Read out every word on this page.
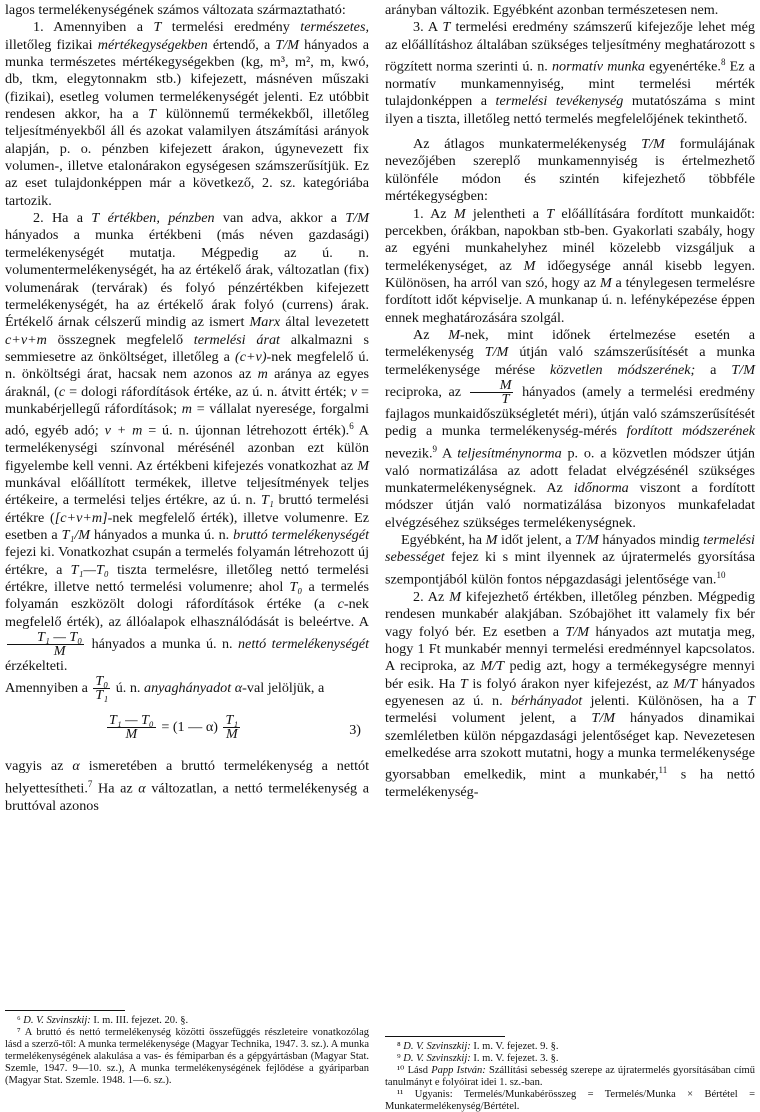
lagos termelékenységének számos változata származtatható:

1. Amennyiben a T termelési eredmény természetes, illetőleg fizikai mértékegységekben értendő, a T/M hányados a munka természetes mértékegységekben (kg, m³, m², m, kwó, db, tkm, elegytonnakm stb.) kifejezett, másnéven műszaki (fizikai), esetleg volumen termelékenységét jelenti. Ez utóbbit rendesen akkor, ha a T különnemű termékekből, illetőleg teljesítményekből áll és azokat valamilyen átszámítási arányok alapján, p. o. pénzben kifejezett árakon, úgynevezett fix volumen-, illetve etalonárakon egységesen számszerűsítjük. Ez az eset tulajdonképpen már a következő, 2. sz. kategóriába tartozik.

2. Ha a T értékben, pénzben van adva, akkor a T/M hányados a munka értékbeni (más néven gazdasági) termelékenységét mutatja. Mégpedig az ú. n. volumentermelékenységét, ha az értékelő árak, változatlan (fix) volumenárak (tervárak) és folyó pénzértékben kifejezett termelékenységét, ha az értékelő árak folyó (currens) árak. Értékelő árnak célszerű mindig az ismert Marx által levezetett c+v+m összegnek megfelelő termelési árat alkalmazni s semmiesetre az önköltséget, illetőleg a (c+v)-nek megfelelő ú. n. önköltségi árat, hacsak nem azonos az m aránya az egyes áraknál, (c = dologi ráfordítások értéke, az ú. n. átvitt érték; v = munkabérjellegű ráfordítások; m = vállalat nyeresége, forgalmi adó, egyéb adó; v + m = ú. n. újonnan létrehozott érték).$^6$ A termelékenységi színvonal mérésénél azonban ezt külön figyelembe kell venni. Az értékbeni kifejezés vonatkozhat az M munkával előállított termékek, illetve teljesítmények teljes értékeire, a termelési teljes értékre, az ú. n. T₁ bruttó termelési értékre ([c+v+m]-nek megfelelő érték), illetve volumenre. Ez esetben a T₁/M hányados a munka ú. n. bruttó termelékenységét fejezi ki. Vonatkozhat csupán a termelés folyamán létrehozott új értékre, a T₁—T₀ tiszta termelésre, illetőleg nettó termelési értékre, illetve nettó termelési volumenre; ahol T₀ a termelés folyamán eszközölt dologi ráfordítások értéke (a c-nek megfelelő érték), az állóalapok elhasználódását is beleértve. A
$\frac{\text{T₁ — T₀}}{M}$ hányados a munka ú. n. nettó termelékenységét érzékelteti.

Amennyiben a $\frac{\text{T₀}}{\text{T₁}}$ ú. n. anyaghányadot α-val jelöljük, a

$\frac{\text{T₁ — T₀}}{M} = (1$ — $\alpha) \frac{\text{T₁}}{M}$	3)

vagyis az α ismeretében a bruttó termelékenység a nettót helyettesítheti.$^7$ Ha az α változatlan, a nettó termelékenység a bruttóval azonos

⁶ D. V. Szvinszkij: I. m. III. fejezet. 20. §.

⁷ A bruttó és nettó termelékenység közötti összefüggés részleteire vonatkozólag lásd a szerző-től: A munka termelékenysége (Magyar Technika, 1947. 3. sz.). A munka termelékenységének alakulása a vas- és fémiparban és a gépgyártásban (Magyar Stat. Szemle, 1947. 9—10. sz.), A munka termelékenységének fejlődése a gyáriparban (Magyar Stat. Szemle. 1948. 1—6. sz.).

arányban változik. Egyébként azonban természetesen nem.

3. A T termelési eredmény számszerű kifejezője lehet még az előállításhoz általában szükséges teljesítmény meghatározott s rögzített norma szerinti ú. n. normatív munka egyenértéke.$^8$ Ez a normatív munkamennyiség, mint termelési mérték tulajdonképpen a termelési tevékenység mutatószáma s mint ilyen a tiszta, illetőleg nettó termelés megfelelőjének tekinthető.

Az átlagos munkatermelékenység T/M formulájának nevezőjében szereplő munkamennyiség is értelmezhető különféle módon és szintén kifejezhető többféle mértékegységben:

1. Az M jelentheti a T előállítására fordított munkaidőt: percekben, órákban, napokban stb-ben. Gyakorlati szabály, hogy az egyéni munkahelyhez minél közelebb vizsgáljuk a termelékenységet, az M időegysége annál kisebb legyen. Különösen, ha arról van szó, hogy az M a ténylegesen termelésre fordított időt képviselje. A munkanap ú. n. lefényképezése éppen ennek meghatározására szolgál.

Az M-nek, mint időnek értelmezése esetén a termelékenység T/M útján való számszerűsítését a munka termelékenysége mérése közvetlen módszerének; a T/M reciproka, az $\frac{M}{T}$ hányados (amely a termelési eredmény fajlagos munkaidőszükségletét méri), útján való számszerűsítését pedig a munka termelékenység-mérés fordított módszerének nevezik.$^9$ A teljesítménynorma p. o. a közvetlen módszer útján való normatizálása az adott feladat elvégzésénél szükséges munkatermelékenységnek. Az időnorma viszont a fordított módszer útján való normatizálása bizonyos munkafeladat elvégzéséhez szükséges termelékenységnek.

Egyébként, ha M időt jelent, a T/M hányados mindig termelési sebességet fejez ki s mint ilyennek az újratermelés gyorsítása szempontjából külön fontos népgazdasági jelentősége van.$^{10}$

2. Az M kifejezhető értékben, illetőleg pénzben. Mégpedig rendesen munkabér alakjában. Szóbajöhet itt valamely fix bér vagy folyó bér. Ez esetben a T/M hányados azt mutatja meg, hogy 1 Ft munkabér mennyi termelési eredménnyel kapcsolatos. A reciproka, az M/T pedig azt, hogy a termékegységre mennyi bér esik. Ha T is folyó árakon nyer kifejezést, az M/T hányados egyenesen az ú. n. bérhányadot jelenti. Különösen, ha a T termelési volument jelent, a T/M hányados dinamikai szemléletben külön népgazdasági jelentőséget kap. Nevezetesen emelkedése arra szokott mutatni, hogy a munka termelékenysége gyorsabban emelkedik, mint a munkabér,$^{11}$ s ha nettó termelékenység-

⁸ D. V. Szvinszkij: I. m. V. fejezet. 9. §.

⁹ D. V. Szvinszkij: I. m. V. fejezet. 3. §.

¹⁰ Lásd Papp István: Szállítási sebesség szerepe az újratermelés gyorsításában című tanulmányt e folyóirat idei 1. sz.-ban.

¹¹ Ugyanis: Termelés/Munkabérösszeg = Termelés/Munka × Bértétel = Munkatermelékenység/Bértétel.
